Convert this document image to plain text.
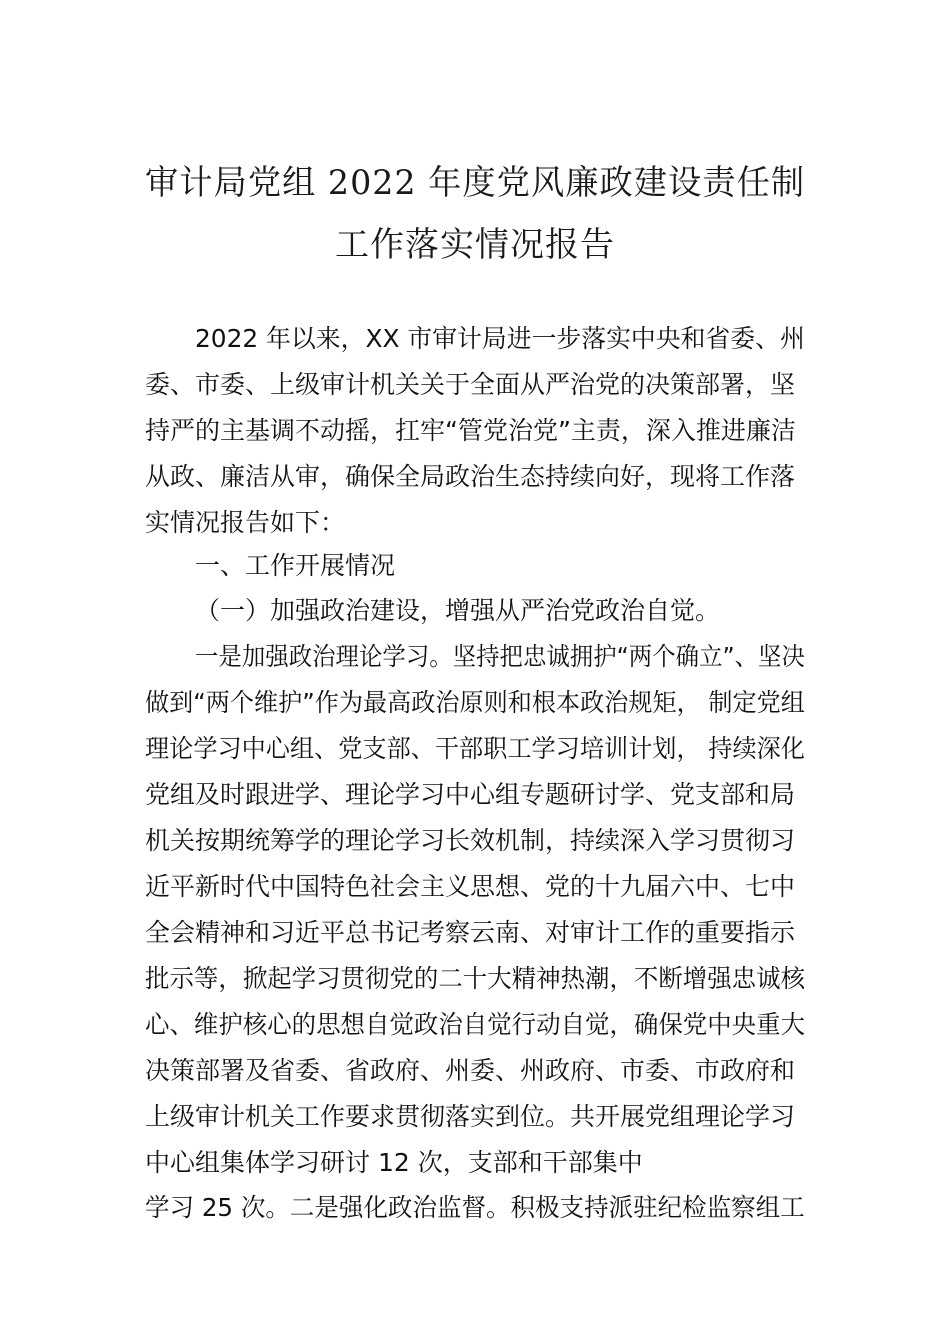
审计局党组 2022 年度党风廉政建设责任制
工作落实情况报告
2022 年以来，XX 市审计局进一步落实中央和省委、州
委、市委、上级审计机关关于全面从严治党的决策部署，坚
持严的主基调不动摇，扛牢“管党治党”主责，深入推进廉洁
从政、廉洁从审，确保全局政治生态持续向好，现将工作落
实情况报告如下：
一、工作开展情况
（一）加强政治建设，增强从严治党政治自觉。
一是加强政治理论学习。坚持把忠诚拥护“两个确立”、坚决
做到“两个维护”作为最高政治原则和根本政治规矩， 制定党组
理论学习中心组、党支部、干部职工学习培训计划， 持续深化
党组及时跟进学、理论学习中心组专题研讨学、党支部和局
机关按期统筹学的理论学习长效机制，持续深入学习贯彻习
近平新时代中国特色社会主义思想、党的十九届六中、七中
全会精神和习近平总书记考察云南、对审计工作的重要指示
批示等，掀起学习贯彻党的二十大精神热潮，不断增强忠诚核
心、维护核心的思想自觉政治自觉行动自觉，确保党中央重大
决策部署及省委、省政府、州委、州政府、市委、市政府和
上级审计机关工作要求贯彻落实到位。共开展党组理论学习
中心组集体学习研讨 12 次，支部和干部集中
学习 25 次。二是强化政治监督。积极支持派驻纪检监察组工
